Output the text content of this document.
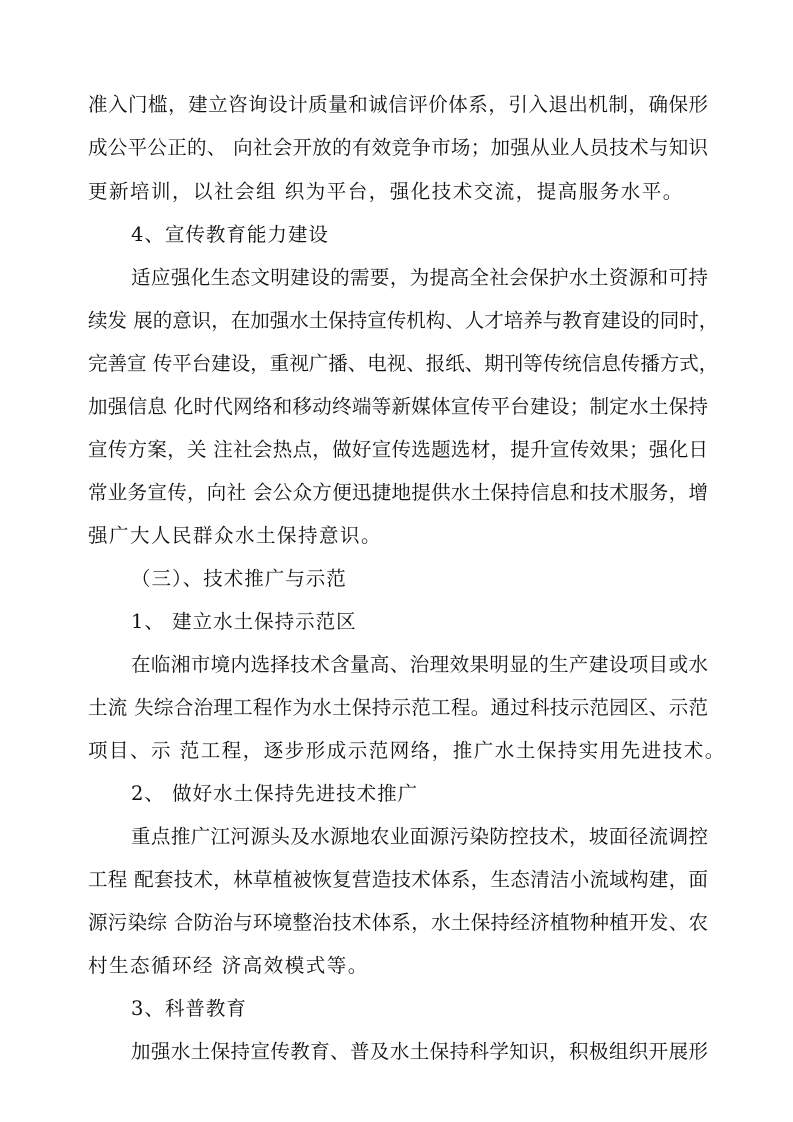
准入门槛，建立咨询设计质量和诚信评价体系，引入退出机制，确保形
成公平公正的、 向社会开放的有效竞争市场；加强从业人员技术与知识
更新培训，以社会组 织为平台，强化技术交流，提高服务水平。
4、宣传教育能力建设
适应强化生态文明建设的需要，为提高全社会保护水土资源和可持
续发 展的意识，在加强水土保持宣传机构、人才培养与教育建设的同时，
完善宣 传平台建设，重视广播、电视、报纸、期刊等传统信息传播方式，
加强信息 化时代网络和移动终端等新媒体宣传平台建设；制定水土保持
宣传方案，关 注社会热点，做好宣传选题选材，提升宣传效果；强化日
常业务宣传，向社 会公众方便迅捷地提供水土保持信息和技术服务，增
强广大人民群众水土保持意识。
（三）、技术推广与示范
1、 建立水土保持示范区
在临湘市境内选择技术含量高、治理效果明显的生产建设项目或水
土流 失综合治理工程作为水土保持示范工程。通过科技示范园区、示范
项目、示 范工程，逐步形成示范网络，推广水土保持实用先进技术。
2、 做好水土保持先进技术推广
重点推广江河源头及水源地农业面源污染防控技术，坡面径流调控
工程 配套技术，林草植被恢复营造技术体系，生态清洁小流域构建，面
源污染综 合防治与环境整治技术体系，水土保持经济植物种植开发、农
村生态循环经 济高效模式等。
3、科普教育
加强水土保持宣传教育、普及水土保持科学知识，积极组织开展形
